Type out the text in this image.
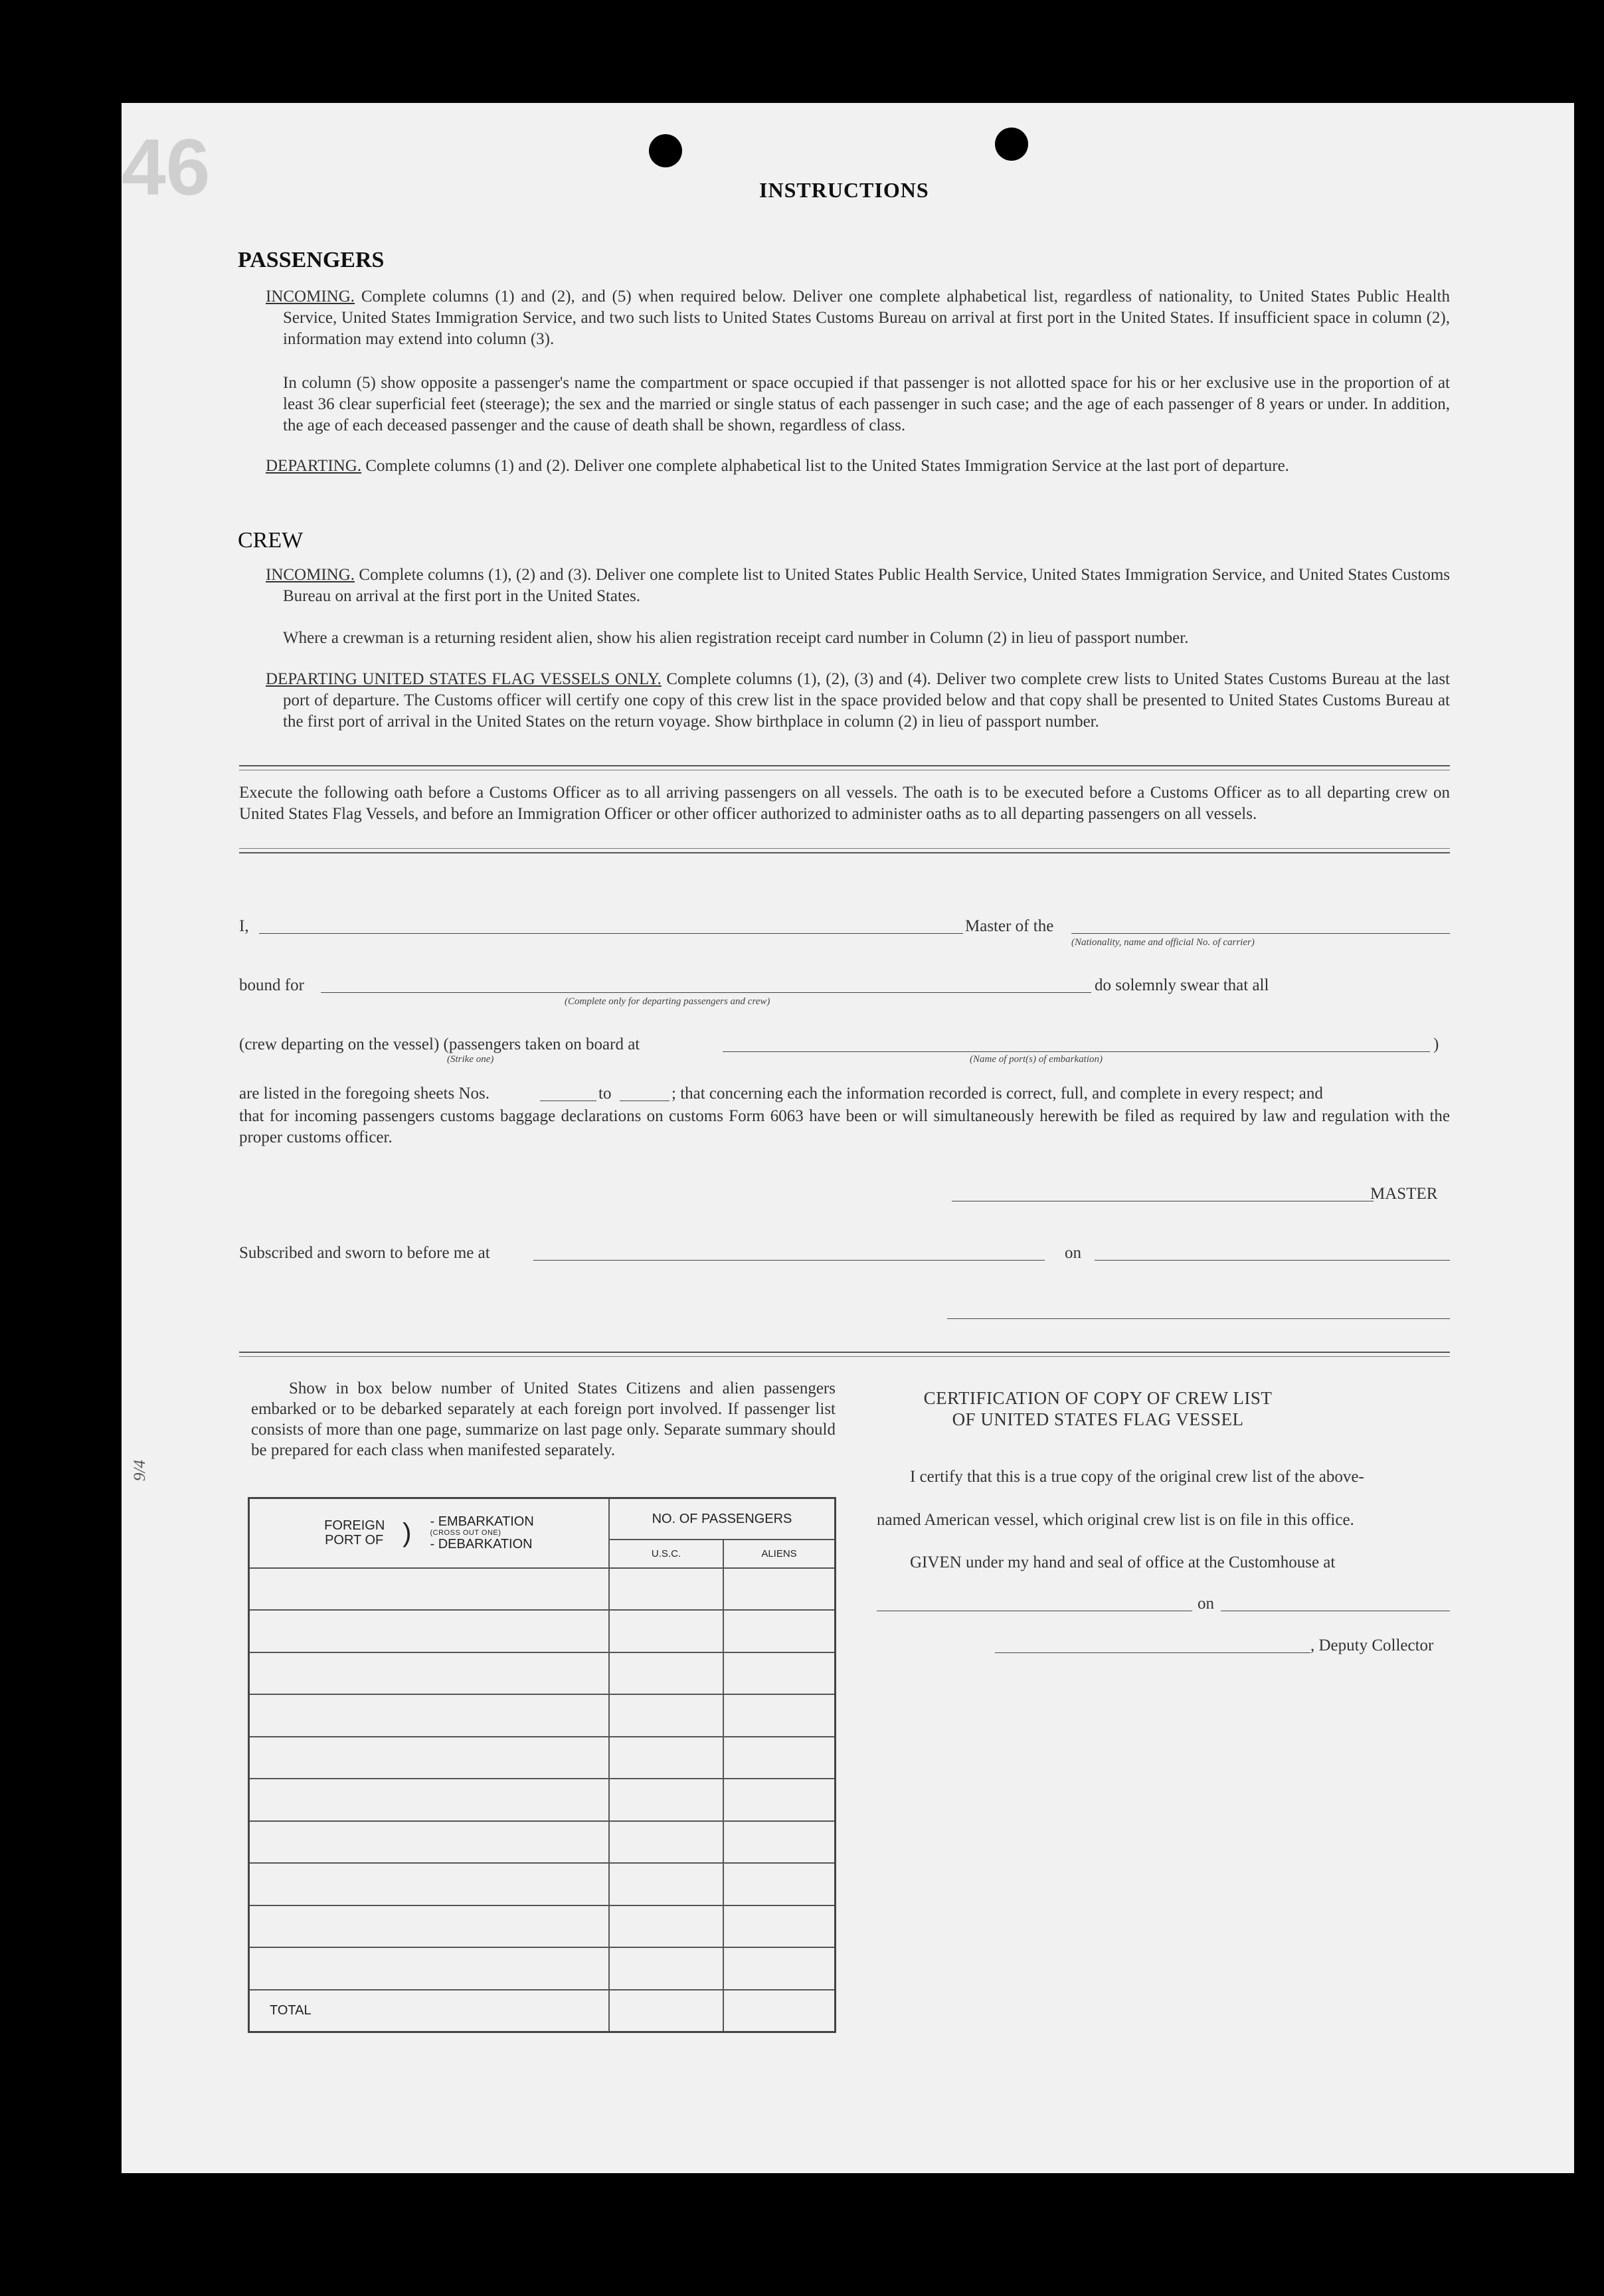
46	INSTRUCTIONS
PASSENGERS
INCOMING. Complete columns (1) and (2), and (5) when required below. Deliver one complete alphabetical list, regardless of nationality, to United States Public Health Service, United States Immigration Service, and two such lists to United States Customs Bureau on arrival at first port in the United States. If insufficient space in column (2), information may extend into column (3).
In column (5) show opposite a passenger's name the compartment or space occupied if that passenger is not allotted space for his or her exclusive use in the proportion of at least 36 clear superficial feet (steerage); the sex and the married or single status of each passenger in such case; and the age of each passenger of 8 years or under. In addition, the age of each deceased passenger and the cause of death shall be shown, regardless of class.
DEPARTING. Complete columns (1) and (2). Deliver one complete alphabetical list to the United States Immigration Service at the last port of departure.
CREW
INCOMING. Complete columns (1), (2) and (3). Deliver one complete list to United States Public Health Service, United States Immigration Service, and United States Customs Bureau on arrival at the first port in the United States.
Where a crewman is a returning resident alien, show his alien registration receipt card number in Column (2) in lieu of passport number.
DEPARTING UNITED STATES FLAG VESSELS ONLY. Complete columns (1), (2), (3) and (4). Deliver two complete crew lists to United States Customs Bureau at the last port of departure. The Customs officer will certify one copy of this crew list in the space provided below and that copy shall be presented to United States Customs Bureau at the first port of arrival in the United States on the return voyage. Show birthplace in column (2) in lieu of passport number.
Execute the following oath before a Customs Officer as to all arriving passengers on all vessels. The oath is to be executed before a Customs Officer as to all departing crew on United States Flag Vessels, and before an Immigration Officer or other officer authorized to administer oaths as to all departing passengers on all vessels.
I,	Master of the
(Nationality, name and official No. of carrier)
bound for	do solemnly swear that all
(Complete only for departing passengers and crew)
(crew departing on the vessel) (passengers taken on board at	)
(Strike one)	(Name of port(s) of embarkation)
are listed in the foregoing sheets Nos.	to	; that concerning each the information recorded is correct, full, and complete in every respect; and
that for incoming passengers customs baggage declarations on customs Form 6063 have been or will simultaneously herewith be filed as required by law and regulation with the proper customs officer.
MASTER
Subscribed and sworn to before me at	on
Show in box below number of United States Citizens and alien passengers embarked or to be debarked separately at each foreign port involved. If passenger list consists of more than one page, summarize on last page only. Separate summary should be prepared for each class when manifested separately.
9/4
FOREIGN PORT OF ) - EMBARKATION
(CROSS OUT ONE)
- DEBARKATION	NO. OF PASSENGERS	
	U.S.C.	ALIENS

TOTAL		
CERTIFICATION OF COPY OF CREW LIST
OF UNITED STATES FLAG VESSEL
I certify that this is a true copy of the original crew list of the above-
named American vessel, which original crew list is on file in this office.
GIVEN under my hand and seal of office at the Customhouse at
on
, Deputy Collector
